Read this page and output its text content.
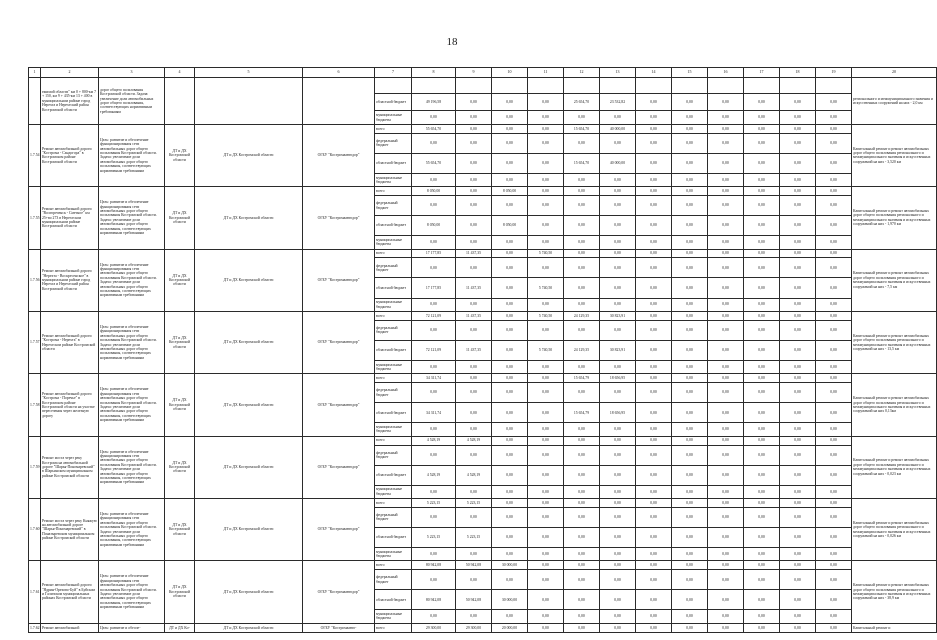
18
1	2	3	4	5	6	7	8	9	10	11	12	13	14	15	16	17	18	19	20
	ежимой области" км 0 + 800-км 7 + 150, км 9 + 435-км 13 + 400 в муниципальном районе город Нерехта и Нерехтский район Костромской области	дорог общего пользования Костромской области. Задача: увеличение доли автомобильных дорог общего пользования, соответствующих нормативным требованиям																	регионального и межмуниципального значения и искусственных сооружений на них - 2,0 км
						областной бюджет	49 196,58	0,00	0,00	0,00	25 654,70	23 532,82	0,00	0,00	0,00	0,00	0,00	0,00	
						муниципальные бюджеты	0,00	0,00	0,00	0,00	0,00	0,00	0,00	0,00	0,00	0,00	0,00	0,00	
1.7.54	Ремонт автомобильной дороги "Кострома - Сандогора" в Костромском районе Костромской области	Цель: развитие и обеспечение функционирования сети автомобильных дорог общего пользования Костромской области. Задача: увеличение доли автомобильных дорог общего пользования, соответствующих нормативным требованиям	ДТ и ДХ Костромской области	ДТ и ДХ Костромской области	ОГБУ "Костромаавтодор"	всего	55 654,70	0,00	0,00	0,00	15 654,70	40 000,00	0,00	0,00	0,00	0,00	0,00	0,00	Капитальный ремонт и ремонт автомобильных дорог общего пользования регионального и межмуниципального значения и искусственных сооружений на них - 3,520 км
						федеральный бюджет	0,00	0,00	0,00	0,00	0,00	0,00	0,00	0,00	0,00	0,00	0,00	0,00	
						областной бюджет	55 654,70	0,00	0,00	0,00	15 654,70	40 000,00	0,00	0,00	0,00	0,00	0,00	0,00	
						муниципальные бюджеты	0,00	0,00	0,00	0,00	0,00	0,00	0,00	0,00	0,00	0,00	0,00	0,00	
1.7.55	Ремонт автомобильной дороги "Волгореченск - Сметное" км 25+во 273 в Нерехтском муниципальном районе Костромской области	Цель: развитие и обеспечение функционирования сети автомобильных дорог общего пользования Костромской области. Задача: увеличение доли автомобильных дорог общего пользования, соответствующих нормативным требованиям	ДТ и ДХ Костромской области	ДТ и ДХ Костромской области	ОГБУ "Костромаавтодор"	всего	8 050,00	0,00	8 050,00	0,00	0,00	0,00	0,00	0,00	0,00	0,00	0,00	0,00	Капитальный ремонт и ремонт автомобильных дорог общего пользования регионального и межмуниципального значения и искусственных сооружений на них - 1,970 км
						федеральный бюджет	0,00	0,00	0,00	0,00	0,00	0,00	0,00	0,00	0,00	0,00	0,00	0,00	
						областной бюджет	8 050,00	0,00	8 050,00	0,00	0,00	0,00	0,00	0,00	0,00	0,00	0,00	0,00	
						муниципальные бюджеты	0,00	0,00	0,00	0,00	0,00	0,00	0,00	0,00	0,00	0,00	0,00	0,00	
1.7.56	Ремонт автомобильной дороги "Нерехта - Воскресенское" в муниципальном районе город Нерехта и Нерехтский район Костромской области	Цель: развитие и обеспечение функционирования сети автомобильных дорог общего пользования Костромской области. Задача: увеличение доли автомобильных дорог общего пользования, соответствующих нормативным требованиям	ДТ и ДХ Костромской области	ДТ и ДХ Костромской области	ОГБУ "Костромаавтодор"	всего	17 177,85	11 437,35	0,00	5 740,50	0,00	0,00	0,00	0,00	0,00	0,00	0,00	0,00	Капитальный ремонт и ремонт автомобильных дорог общего пользования регионального и межмуниципального значения и искусственных сооружений на них - 7,5 км
						федеральный бюджет	0,00	0,00	0,00	0,00	0,00	0,00	0,00	0,00	0,00	0,00	0,00	0,00	
						областной бюджет	17 177,85	11 437,35	0,00	5 740,50	0,00	0,00	0,00	0,00	0,00	0,00	0,00	0,00	
						муниципальные бюджеты	0,00	0,00	0,00	0,00	0,00	0,00	0,00	0,00	0,00	0,00	0,00	0,00	
1.7.57	Ремонт автомобильной дороги "Кострома - Нерехта" в Нерехтском районе Костромской области	Цель: развитие и обеспечение функционирования сети автомобильных дорог общего пользования Костромской области. Задача: увеличение доли автомобильных дорог общего пользования, соответствующих нормативным требованиям	ДТ и ДХ Костромской области	ДТ и ДХ Костромской области	ОГБУ "Костромаавтодор"	всего	72 121,09	11 437,35	0,00	5 740,50	24 129,35	30 823,91	0,00	0,00	0,00	0,00	0,00	0,00	Капитальный ремонт и ремонт автомобильных дорог общего пользования регионального и межмуниципального значения и искусственных сооружений на них - 13,5 км
						федеральный бюджет	0,00	0,00	0,00	0,00	0,00	0,00	0,00	0,00	0,00	0,00	0,00	0,00	
						областной бюджет	72 121,09	11 437,35	0,00	5 740,50	24 129,35	30 823,91	0,00	0,00	0,00	0,00	0,00	0,00	
						муниципальные бюджеты	0,00	0,00	0,00	0,00	0,00	0,00	0,00	0,00	0,00	0,00	0,00	0,00	
1.7.58	Ремонт автомобильной дороги "Кострома - Поречье" в Костромском районе Костромской области на участке пересечения через железную дорогу	Цель: развитие и обеспечение функционирования сети автомобильных дорог общего пользования Костромской области. Задача: увеличение доли автомобильных дорог общего пользования, соответствующих нормативным требованиям	ДТ и ДХ Костромской области	ДТ и ДХ Костромской области	ОГБУ "Костромаавтодор"	всего	34 311,74	0,00	0,00	0,00	15 654,79	18 656,95	0,00	0,00	0,00	0,00	0,00	0,00	Капитальный ремонт и ремонт автомобильных дорог общего пользования регионального и межмуниципального значения и искусственных сооружений на них 0,13км
						федеральный бюджет	0,00	0,00	0,00	0,00	0,00	0,00	0,00	0,00	0,00	0,00	0,00	0,00	
						областной бюджет	34 311,74	0,00	0,00	0,00	15 654,79	18 656,95	0,00	0,00	0,00	0,00	0,00	0,00	
						муниципальные бюджеты	0,00	0,00	0,00	0,00	0,00	0,00	0,00	0,00	0,00	0,00	0,00	0,00	
1.7.59	Ремонт моста через реку Кострома на автомобильной дороге "Шарья-Пономаревский" в Шарьинском муниципальном районе Костромской области	Цель: развитие и обеспечение функционирования сети автомобильных дорог общего пользования Костромской области. Задача: увеличение доли автомобильных дорог общего пользования, соответствующих нормативным требованиям	ДТ и ДХ Костромской области	ДТ и ДХ Костромской области	ОГБУ "Костромаавтодор"	всего	4 528,19	4 528,19	0,00	0,00	0,00	0,00	0,00	0,00	0,00	0,00	0,00	0,00	Капитальный ремонт и ремонт автомобильных дорог общего пользования регионального и межмуниципального значения и искусственных сооружений на них - 0,023 км
						федеральный бюджет	0,00	0,00	0,00	0,00	0,00	0,00	0,00	0,00	0,00	0,00	0,00	0,00	
						областной бюджет	4 528,19	4 528,19	0,00	0,00	0,00	0,00	0,00	0,00	0,00	0,00	0,00	0,00	
						муниципальные бюджеты	0,00	0,00	0,00	0,00	0,00	0,00	0,00	0,00	0,00	0,00	0,00	0,00	
1.7.60	Ремонт моста через реку Княжую на автомобильной дороге "Шарья-Пономаревский" в Поназыревском муниципальном районе Костромской области	Цель: развитие и обеспечение функционирования сети автомобильных дорог общего пользования Костромской области. Задача: увеличение доли автомобильных дорог общего пользования, соответствующих нормативным требованиям	ДТ и ДХ Костромской области	ДТ и ДХ Костромской области	ОГБУ "Костромаавтодор"	всего	5 223,15	5 223,15	0,00	0,00	0,00	0,00	0,00	0,00	0,00	0,00	0,00	0,00	Капитальный ремонт и ремонт автомобильных дорог общего пользования регионального и межмуниципального значения и искусственных сооружений на них - 0,026 км
						федеральный бюджет	0,00	0,00	0,00	0,00	0,00	0,00	0,00	0,00	0,00	0,00	0,00	0,00	
						областной бюджет	5 223,15	5 223,15	0,00	0,00	0,00	0,00	0,00	0,00	0,00	0,00	0,00	0,00	
						муниципальные бюджеты	0,00	0,00	0,00	0,00	0,00	0,00	0,00	0,00	0,00	0,00	0,00	0,00	
1.7.61	Ремонт автомобильной дороги "Ядрин-Орехово-Буй" в Буйском и Галичском муниципальных районах Костромской области	Цель: развитие и обеспечение функционирования сети автомобильных дорог общего пользования Костромской области. Задача: увеличение доли автомобильных дорог общего пользования, соответствующих нормативным требованиям	ДТ и ДХ Костромской области	ДТ и ДХ Костромской области	ОГБУ "Костромаавтодор"	всего	80 942,08	50 942,08	30 000,00	0,00	0,00	0,00	0,00	0,00	0,00	0,00	0,00	0,00	Капитальный ремонт и ремонт автомобильных дорог общего пользования регионального и межмуниципального значения и искусственных сооружений на них - 38,9 км
						федеральный бюджет	0,00	0,00	0,00	0,00	0,00	0,00	0,00	0,00	0,00	0,00	0,00	0,00	
						областной бюджет	80 942,08	50 942,08	30 000,00	0,00	0,00	0,00	0,00	0,00	0,00	0,00	0,00	0,00	
						муниципальные бюджеты	0,00	0,00	0,00	0,00	0,00	0,00	0,00	0,00	0,00	0,00	0,00	0,00	
1.7.62	Ремонт автомобильной	Цель: развитие и обеспе-	ДТ и ДХ Ко-	ДТ и ДХ Костромской области	ОГБУ "Костромаавто-	всего	29 300,00	29 300,00	20 000,00	0,00	0,00	0,00	0,00	0,00	0,00	0,00	0,00	0,00	Капитальный ремонт и
